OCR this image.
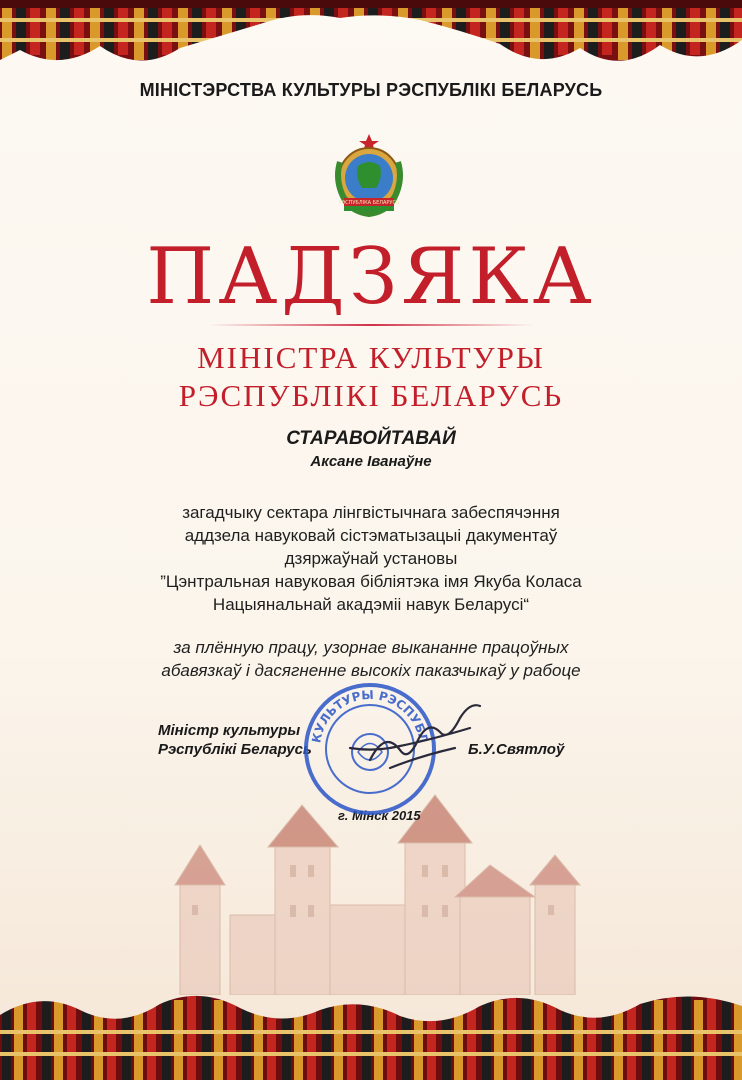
МІНІСТЭРСТВА КУЛЬТУРЫ РЭСПУБЛІКІ БЕЛАРУСЬ
РЭСПУБЛІКА БЕЛАРУСЬ
ПАДЗЯКА
МІНІСТРА КУЛЬТУРЫ
РЭСПУБЛІКІ БЕЛАРУСЬ
СТАРАВОЙТАВАЙ
Аксане Іванаўне
загадчыку сектара лінгвістычнага забеспячэння
аддзела навуковай сістэматызацыі дакументаў
дзяржаўнай установы
”Цэнтральная навуковая бібліятэка імя Якуба Коласа
Нацыянальнай акадэміі навук Беларусі“
за плённую працу, узорнае выкананне працоўных
абавязкаў і дасягненне высокіх паказчыкаў у рабоце
Міністр культуры
Рэспублікі Беларусь	Б.У.Святлоў
г. Мінск 2015
КУЛЬТУРЫ РЭСПУБЛ
